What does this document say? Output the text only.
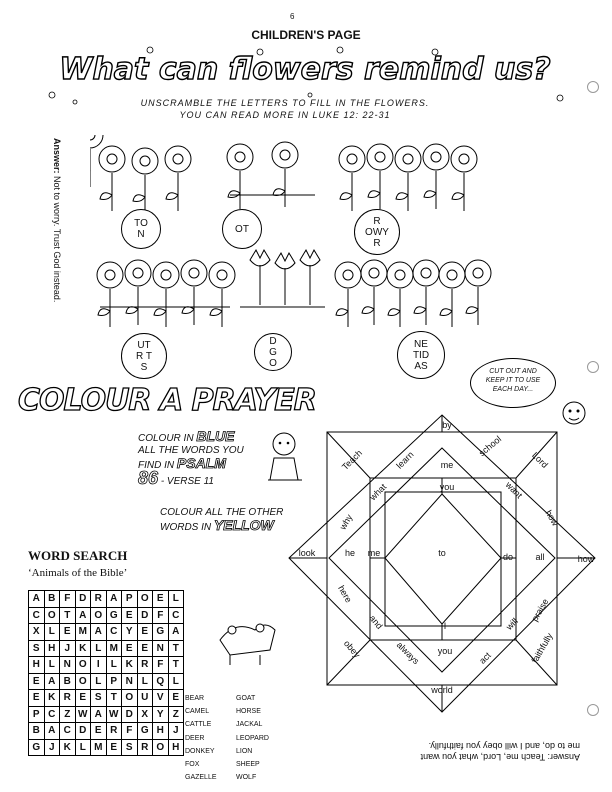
6
CHILDREN'S PAGE
What can flowers remind us?
UNSCRAMBLE THE LETTERS TO FILL IN THE FLOWERS.
YOU CAN READ MORE IN LUKE 12: 22-31
Answer: Not to worry. Trust God instead.	TO
N	OT
R
OWY
R
UT
R T
S
D
G
O
NE
TID
AS
COLOUR A PRAYER
CUT OUT AND
KEEP IT TO USE
EACH DAY...
COLOUR IN BLUE
ALL THE WORDS YOU
FIND IN PSALM
86 - VERSE 11
COLOUR ALL THE OTHER
WORDS IN YELLOW
by
school
Lord
Teach	learn	me
you	want
how
what
why
look	he me	to	do all	how
here
I
praise
and
always
will
obey	you	act	faithfully
world
WORD SEARCH
‘Animals of the Bible’
A	B	F	D	R	A	P	O	E	L
C	O	T	A	O	G	E	D	F	C
X	L	E	M	A	C	Y	E	G	A
S	H	J	K	L	M	E	E	N	T
H	L	N	O	I	L	K	R	F	T
E	A	B	O	L	P	N	L	Q	L
E	K	R	E	S	T	O	U	V	E
P	C	Z	W	A	W	D	X	Y	Z
B	A	C	D	E	R	F	G	H	J
G	J	K	L	M	E	S	R	O	H
BEAR
CAMEL
CATTLE
DEER
DONKEY
FOX
GAZELLE
GOAT
HORSE
JACKAL
LEOPARD
LION
SHEEP
WOLF
Answer: Teach me, Lord, what you want me to do, and I will obey you faithfully.
